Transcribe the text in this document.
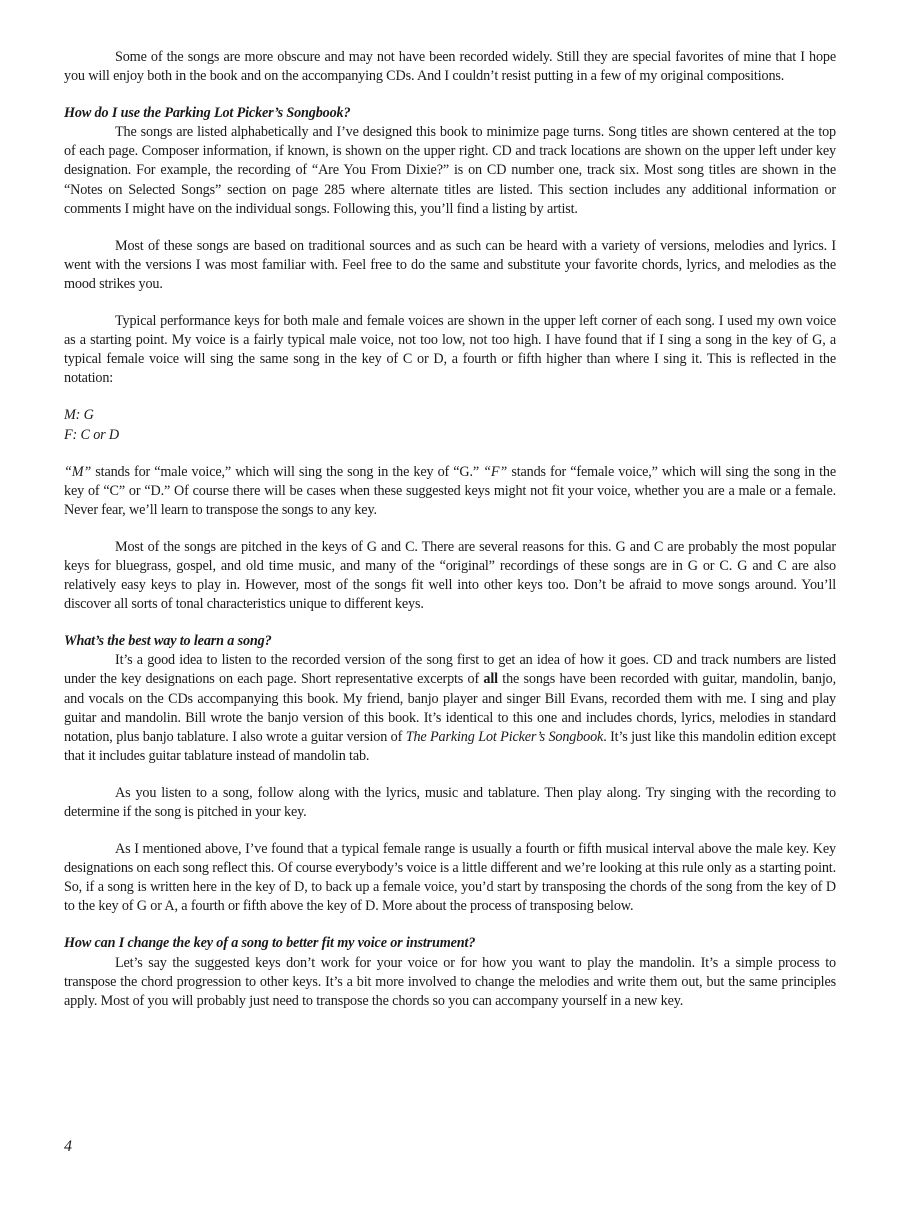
Some of the songs are more obscure and may not have been recorded widely. Still they are special favorites of mine that I hope you will enjoy both in the book and on the accompanying CDs. And I couldn’t resist putting in a few of my original compositions.

How do I use the Parking Lot Picker’s Songbook?

The songs are listed alphabetically and I’ve designed this book to minimize page turns. Song titles are shown centered at the top of each page. Composer information, if known, is shown on the upper right. CD and track locations are shown on the upper left under key designation. For example, the recording of “Are You From Dixie?” is on CD number one, track six. Most song titles are shown in the “Notes on Selected Songs” section on page 285 where alternate titles are listed. This section includes any additional information or comments I might have on the individual songs. Following this, you’ll find a listing by artist.

Most of these songs are based on traditional sources and as such can be heard with a variety of versions, melodies and lyrics. I went with the versions I was most familiar with. Feel free to do the same and substitute your favorite chords, lyrics, and melodies as the mood strikes you.

Typical performance keys for both male and female voices are shown in the upper left corner of each song. I used my own voice as a starting point. My voice is a fairly typical male voice, not too low, not too high. I have found that if I sing a song in the key of G, a typical female voice will sing the same song in the key of C or D, a fourth or fifth higher than where I sing it. This is reflected in the notation:

M: G

F: C or D

“M” stands for “male voice,” which will sing the song in the key of “G.” “F” stands for “female voice,” which will sing the song in the key of “C” or “D.” Of course there will be cases when these suggested keys might not fit your voice, whether you are a male or a female. Never fear, we’ll learn to transpose the songs to any key.

Most of the songs are pitched in the keys of G and C. There are several reasons for this. G and C are probably the most popular keys for bluegrass, gospel, and old time music, and many of the “original” recordings of these songs are in G or C. G and C are also relatively easy keys to play in. However, most of the songs fit well into other keys too. Don’t be afraid to move songs around. You’ll discover all sorts of tonal characteristics unique to different keys.

What’s the best way to learn a song?

It’s a good idea to listen to the recorded version of the song first to get an idea of how it goes. CD and track numbers are listed under the key designations on each page. Short representative excerpts of all the songs have been recorded with guitar, mandolin, banjo, and vocals on the CDs accompanying this book. My friend, banjo player and singer Bill Evans, recorded them with me. I sing and play guitar and mandolin. Bill wrote the banjo version of this book. It’s identical to this one and includes chords, lyrics, melodies in standard notation, plus banjo tablature. I also wrote a guitar version of The Parking Lot Picker’s Songbook. It’s just like this mandolin edition except that it includes guitar tablature instead of mandolin tab.

As you listen to a song, follow along with the lyrics, music and tablature. Then play along. Try singing with the recording to determine if the song is pitched in your key.

As I mentioned above, I’ve found that a typical female range is usually a fourth or fifth musical interval above the male key. Key designations on each song reflect this. Of course everybody’s voice is a little different and we’re looking at this rule only as a starting point. So, if a song is written here in the key of D, to back up a female voice, you’d start by transposing the chords of the song from the key of D to the key of G or A, a fourth or fifth above the key of D. More about the process of transposing below.

How can I change the key of a song to better fit my voice or instrument?

Let’s say the suggested keys don’t work for your voice or for how you want to play the mandolin. It’s a simple process to transpose the chord progression to other keys. It’s a bit more involved to change the melodies and write them out, but the same principles apply. Most of you will probably just need to transpose the chords so you can accompany yourself in a new key.

4
